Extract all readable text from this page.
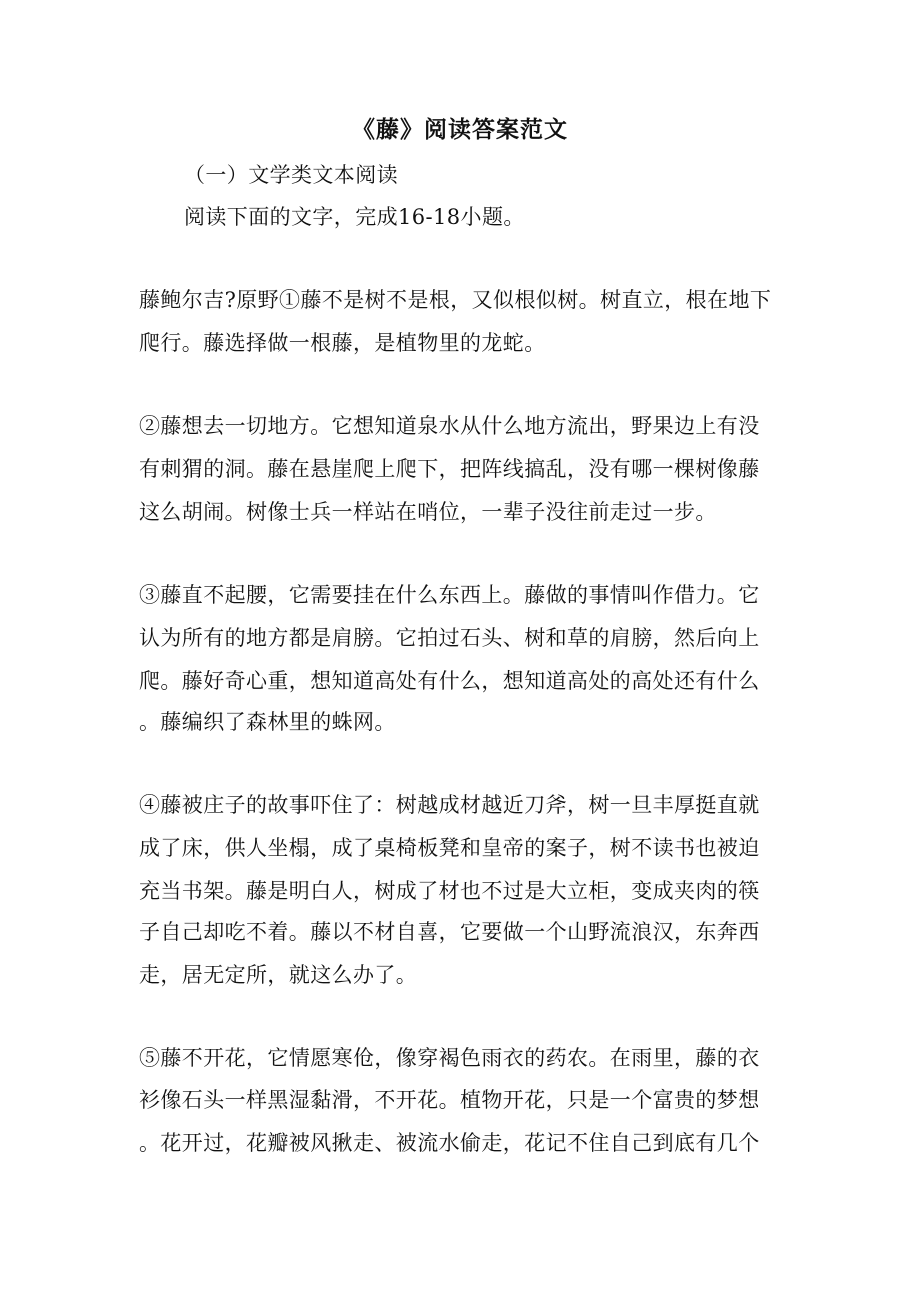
《藤》阅读答案范文
（一）文学类文本阅读
阅读下面的文字，完成16-18小题。
藤鲍尔吉?原野①藤不是树不是根，又似根似树。树直立，根在地下
爬行。藤选择做一根藤，是植物里的龙蛇。
②藤想去一切地方。它想知道泉水从什么地方流出，野果边上有没
有刺猬的洞。藤在悬崖爬上爬下，把阵线搞乱，没有哪一棵树像藤
这么胡闹。树像士兵一样站在哨位，一辈子没往前走过一步。
③藤直不起腰，它需要挂在什么东西上。藤做的事情叫作借力。它
认为所有的地方都是肩膀。它拍过石头、树和草的肩膀，然后向上
爬。藤好奇心重，想知道高处有什么，想知道高处的高处还有什么
。藤编织了森林里的蛛网。
④藤被庄子的故事吓住了：树越成材越近刀斧，树一旦丰厚挺直就
成了床，供人坐榻，成了桌椅板凳和皇帝的案子，树不读书也被迫
充当书架。藤是明白人，树成了材也不过是大立柜，变成夹肉的筷
子自己却吃不着。藤以不材自喜，它要做一个山野流浪汉，东奔西
走，居无定所，就这么办了。
⑤藤不开花，它情愿寒伧，像穿褐色雨衣的药农。在雨里，藤的衣
衫像石头一样黑湿黏滑，不开花。植物开花，只是一个富贵的梦想
。花开过，花瓣被风揪走、被流水偷走，花记不住自己到底有几个
